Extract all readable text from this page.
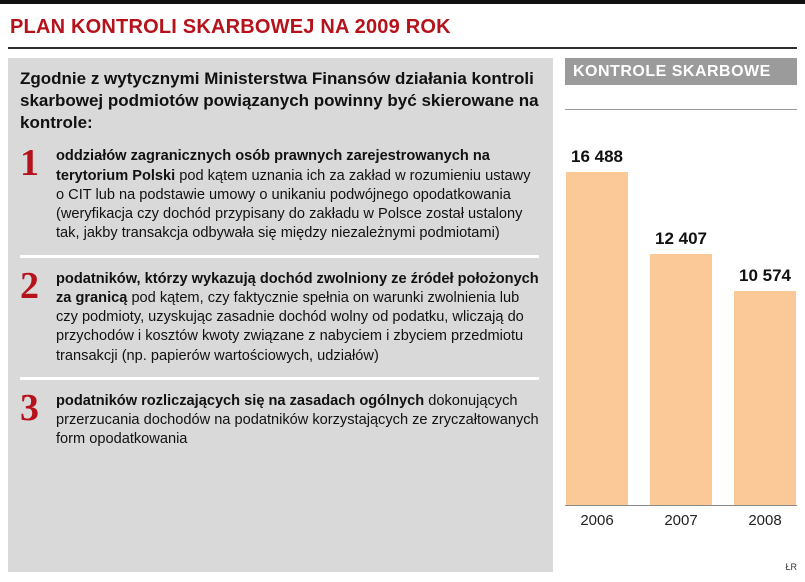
PLAN KONTROLI SKARBOWEJ NA 2009 ROK

Zgodnie z wytycznymi Ministerstwa Finansów działania kontroli skarbowej podmiotów powiązanych powinny być skierowane na kontrole:

1	oddziałów zagranicznych osób prawnych zarejestrowanych na terytorium Polski pod kątem uznania ich za zakład w rozumieniu ustawy o CIT lub na podstawie umowy o unikaniu podwójnego opodatkowania (weryfikacja czy dochód przypisany do zakładu w Polsce został ustalony tak, jakby transakcja odbywała się między niezależnymi podmiotami)

2	podatników, którzy wykazują dochód zwolniony ze źródeł położonych za granicą pod kątem, czy faktycznie spełnia on warunki zwolnienia lub czy podmioty, uzyskując zasadnie dochód wolny od podatku, wliczają do przychodów i kosztów kwoty związane z nabyciem i zbyciem przedmiotu transakcji (np. papierów wartościowych, udziałów)

3	podatników rozliczających się na zasadach ogólnych dokonujących przerzucania dochodów na podatników korzystających ze zryczałtowanych form opodatkowania

KONTROLE SKARBOWE
16 488
12 407
10 574
2006	2007	2008
ŁR
